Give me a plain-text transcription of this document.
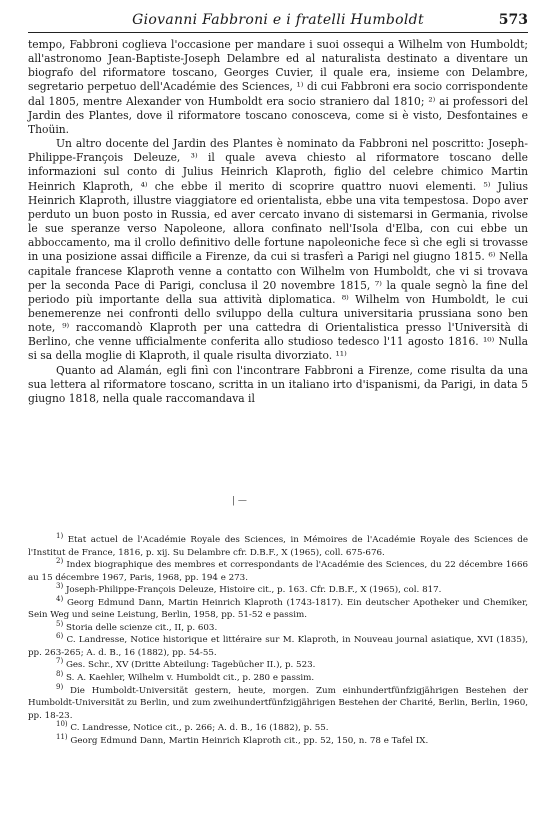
Giovanni Fabbroni e i fratelli Humboldt	573

tempo, Fabbroni coglieva l'occasione per mandare i suoi ossequi a Wilhelm von Humboldt; all'astronomo Jean-Baptiste-Joseph Delambre ed al naturalista destinato a diventare un biografo del riformatore toscano, Georges Cuvier, il quale era, insieme con Delambre, segretario perpetuo dell'Académie des Sciences, ¹⁾ di cui Fabbroni era socio corrispondente dal 1805, mentre Alexander von Humboldt era socio straniero dal 1810; ²⁾ ai professori del Jardin des Plantes, dove il riformatore toscano conosceva, come si è visto, Desfontaines e Thoüin.

Un altro docente del Jardin des Plantes è nominato da Fabbroni nel poscritto: Joseph-Philippe-François Deleuze, ³⁾ il quale aveva chiesto al riformatore toscano delle informazioni sul conto di Julius Heinrich Klaproth, figlio del celebre chimico Martin Heinrich Klaproth, ⁴⁾ che ebbe il merito di scoprire quattro nuovi elementi. ⁵⁾ Julius Heinrich Klaproth, illustre viaggiatore ed orientalista, ebbe una vita tempestosa. Dopo aver perduto un buon posto in Russia, ed aver cercato invano di sistemarsi in Germania, rivolse le sue speranze verso Napoleone, allora confinato nell'Isola d'Elba, con cui ebbe un abboccamento, ma il crollo definitivo delle fortune napoleoniche fece sì che egli si trovasse in una posizione assai difficile a Firenze, da cui si trasferì a Parigi nel giugno 1815. ⁶⁾ Nella capitale francese Klaproth venne a contatto con Wilhelm von Humboldt, che vi si trovava per la seconda Pace di Parigi, conclusa il 20 novembre 1815, ⁷⁾ la quale segnò la fine del periodo più importante della sua attività diplomatica. ⁸⁾ Wilhelm von Humboldt, le cui benemerenze nei confronti dello sviluppo della cultura universitaria prussiana sono ben note, ⁹⁾ raccomandò Klaproth per una cattedra di Orientalistica presso l'Università di Berlino, che venne ufficialmente conferita allo studioso tedesco l'11 agosto 1816. ¹⁰⁾ Nulla si sa della moglie di Klaproth, il quale risulta divorziato. ¹¹⁾

Quanto ad Alamán, egli finì con l'incontrare Fabbroni a Firenze, come risulta da una sua lettera al riformatore toscano, scritta in un italiano irto d'ispanismi, da Parigi, in data 5 giugno 1818, nella quale raccomandava il

| —

$^{1)}$ Etat actuel de l'Académie Royale des Sciences, in Mémoires de l'Académie Royale des Sciences de l'Institut de France, 1816, p. xij. Su Delambre cfr. D.B.F., X (1965), coll. 675-676.

$^{2)}$ Index biographique des membres et correspondants de l'Académie des Sciences, du 22 décembre 1666 au 15 décembre 1967, Paris, 1968, pp. 194 e 273.

$^{3)}$ Joseph-Philippe-François Deleuze, Histoire cit., p. 163. Cfr. D.B.F., X (1965), col. 817.

$^{4)}$ Georg Edmund Dann, Martin Heinrich Klaproth (1743-1817). Ein deutscher Apotheker und Chemiker, Sein Weg und seine Leistung, Berlin, 1958, pp. 51-52 e passim.

$^{5)}$ Storia delle scienze cit., II, p. 603.

$^{6)}$ C. Landresse, Notice historique et littéraire sur M. Klaproth, in Nouveau journal asiatique, XVI (1835), pp. 263-265; A. d. B., 16 (1882), pp. 54-55.

$^{7)}$ Ges. Schr., XV (Dritte Abteilung: Tagebücher II.), p. 523.

$^{8)}$ S. A. Kaehler, Wilhelm v. Humboldt cit., p. 280 e passim.

$^{9)}$ Die Humboldt-Universität gestern, heute, morgen. Zum einhundertfünfzigjährigen Bestehen der Humboldt-Universität zu Berlin, und zum zweihundertfünfzigjährigen Bestehen der Charité, Berlin, Berlin, 1960, pp. 18-23.

$^{10)}$ C. Landresse, Notice cit., p. 266; A. d. B., 16 (1882), p. 55.

$^{11)}$ Georg Edmund Dann, Martin Heinrich Klaproth cit., pp. 52, 150, n. 78 e Tafel IX.
